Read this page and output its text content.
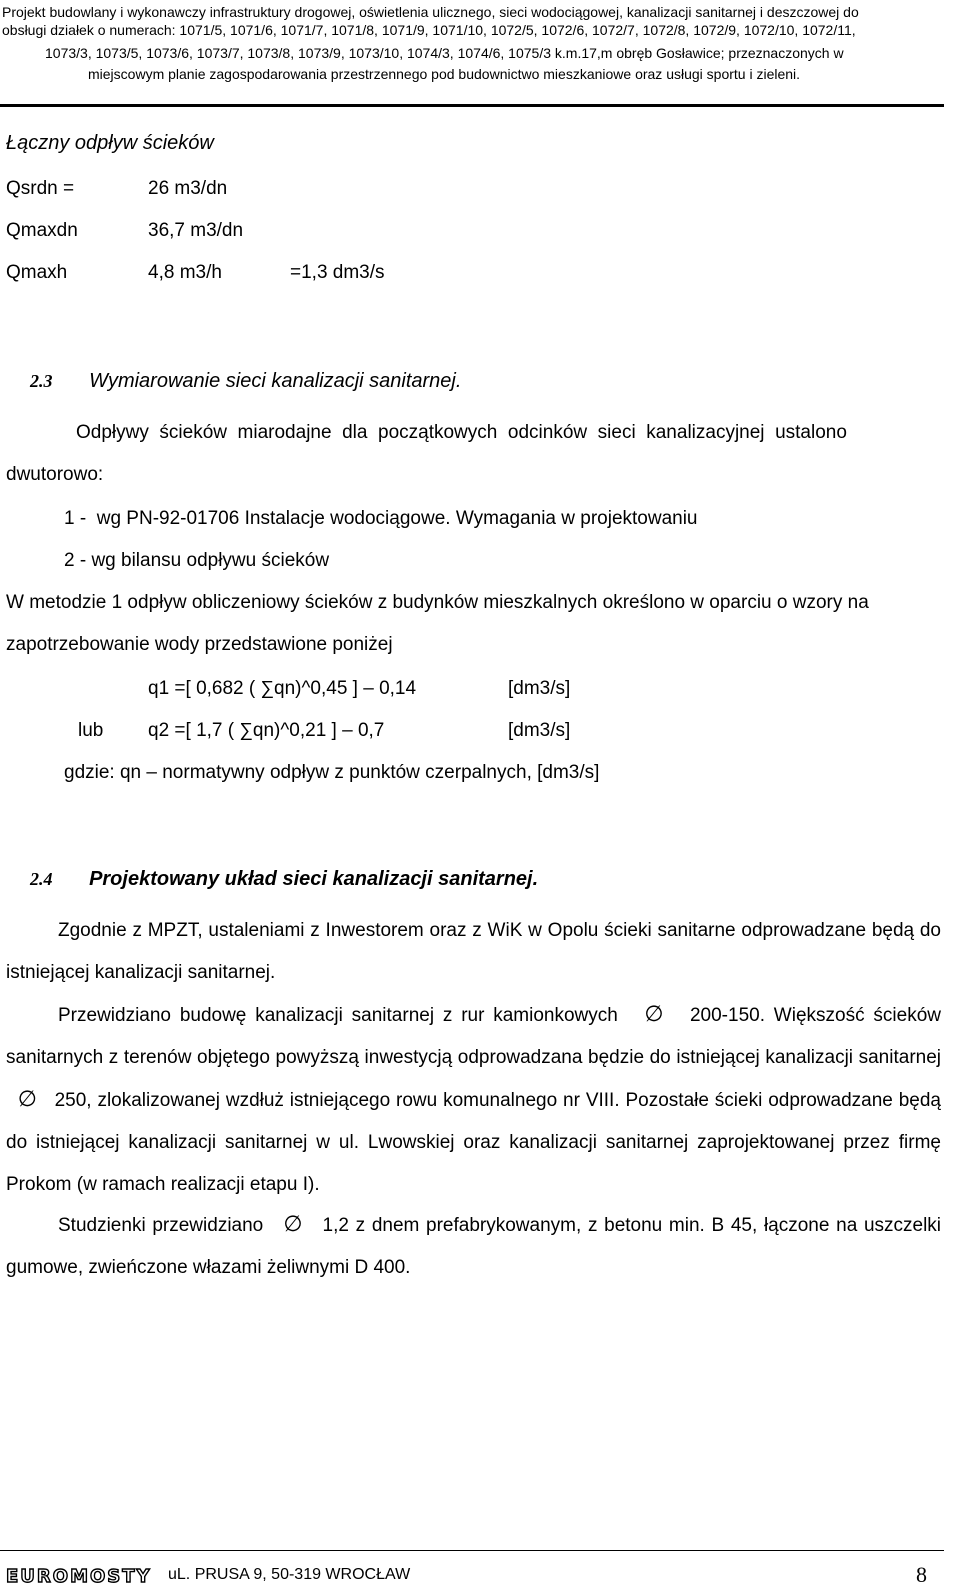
Projekt budowlany i wykonawczy infrastruktury drogowej, oświetlenia ulicznego, sieci wodociągowej, kanalizacji sanitarnej i deszczowej do
obsługi działek o numerach: 1071/5, 1071/6, 1071/7, 1071/8, 1071/9, 1071/10, 1072/5, 1072/6, 1072/7, 1072/8, 1072/9, 1072/10, 1072/11,
1073/3, 1073/5, 1073/6, 1073/7, 1073/8, 1073/9, 1073/10, 1074/3, 1074/6, 1075/3 k.m.17,m obręb Gosławice; przeznaczonych w
miejscowym planie zagospodarowania przestrzennego pod budownictwo mieszkaniowe oraz usługi sportu i zieleni.
Łączny odpływ ścieków
Qsrdn =	26 m3/dn
Qmaxdn	36,7 m3/dn
Qmaxh	4,8 m3/h	=1,3 dm3/s
2.3 Wymiarowanie sieci kanalizacji sanitarnej.
Odpływy  ścieków  miarodajne  dla  początkowych  odcinków  sieci  kanalizacyjnej  ustalono
dwutorowo:
1 -  wg PN-92-01706 Instalacje wodociągowe. Wymagania w projektowaniu
2 - wg bilansu odpływu ścieków
W metodzie 1 odpływ obliczeniowy ścieków z budynków mieszkalnych określono w oparciu o wzory na
zapotrzebowanie wody przedstawione poniżej
q1 =[ 0,682 ( ∑qn)^0,45 ] – 0,14	[dm3/s]
lub q2 =[ 1,7 ( ∑qn)^0,21 ] – 0,7	[dm3/s]
gdzie: qn – normatywny odpływ z punktów czerpalnych, [dm3/s]
2.4 Projektowany układ sieci kanalizacji sanitarnej.
Zgodnie z MPZT, ustaleniami z Inwestorem oraz z WiK w Opolu ścieki sanitarne odprowadzane będą do istniejącej kanalizacji sanitarnej.
Przewidziano budowę kanalizacji sanitarnej z rur kamionkowych ∅ 200-150. Większość ścieków sanitarnych z terenów objętego powyższą inwestycją odprowadzana będzie do istniejącej kanalizacji sanitarnej   ∅ 250, zlokalizowanej wzdłuż istniejącego rowu komunalnego nr VIII. Pozostałe ścieki odprowadzane będą do istniejącej kanalizacji sanitarnej w ul. Lwowskiej oraz kanalizacji sanitarnej zaprojektowanej przez firmę Prokom (w ramach realizacji etapu I).
Studzienki przewidziano ∅ 1,2 z dnem prefabrykowanym, z betonu min. B 45, łączone na uszczelki gumowe, zwieńczone włazami żeliwnymi D 400.
EUROMOSTY uL. PRUSA 9, 50-319 WROCŁAW	8
